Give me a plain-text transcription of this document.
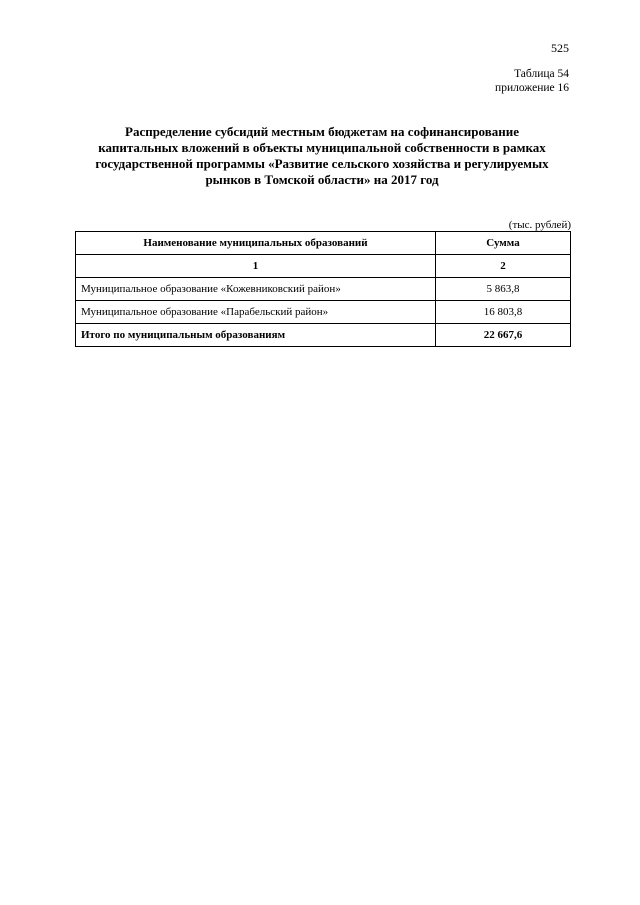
525
Таблица 54
приложение 16
Распределение субсидий местным бюджетам на софинансирование
капитальных вложений в объекты муниципальной собственности в рамках
государственной программы «Развитие сельского хозяйства и регулируемых
рынков в Томской области» на 2017 год
(тыс. рублей)
Наименование муниципальных образований	Сумма
1	2
Муниципальное образование «Кожевниковский район»	5 863,8
Муниципальное образование «Парабельский район»	16 803,8
Итого по муниципальным образованиям	22 667,6
